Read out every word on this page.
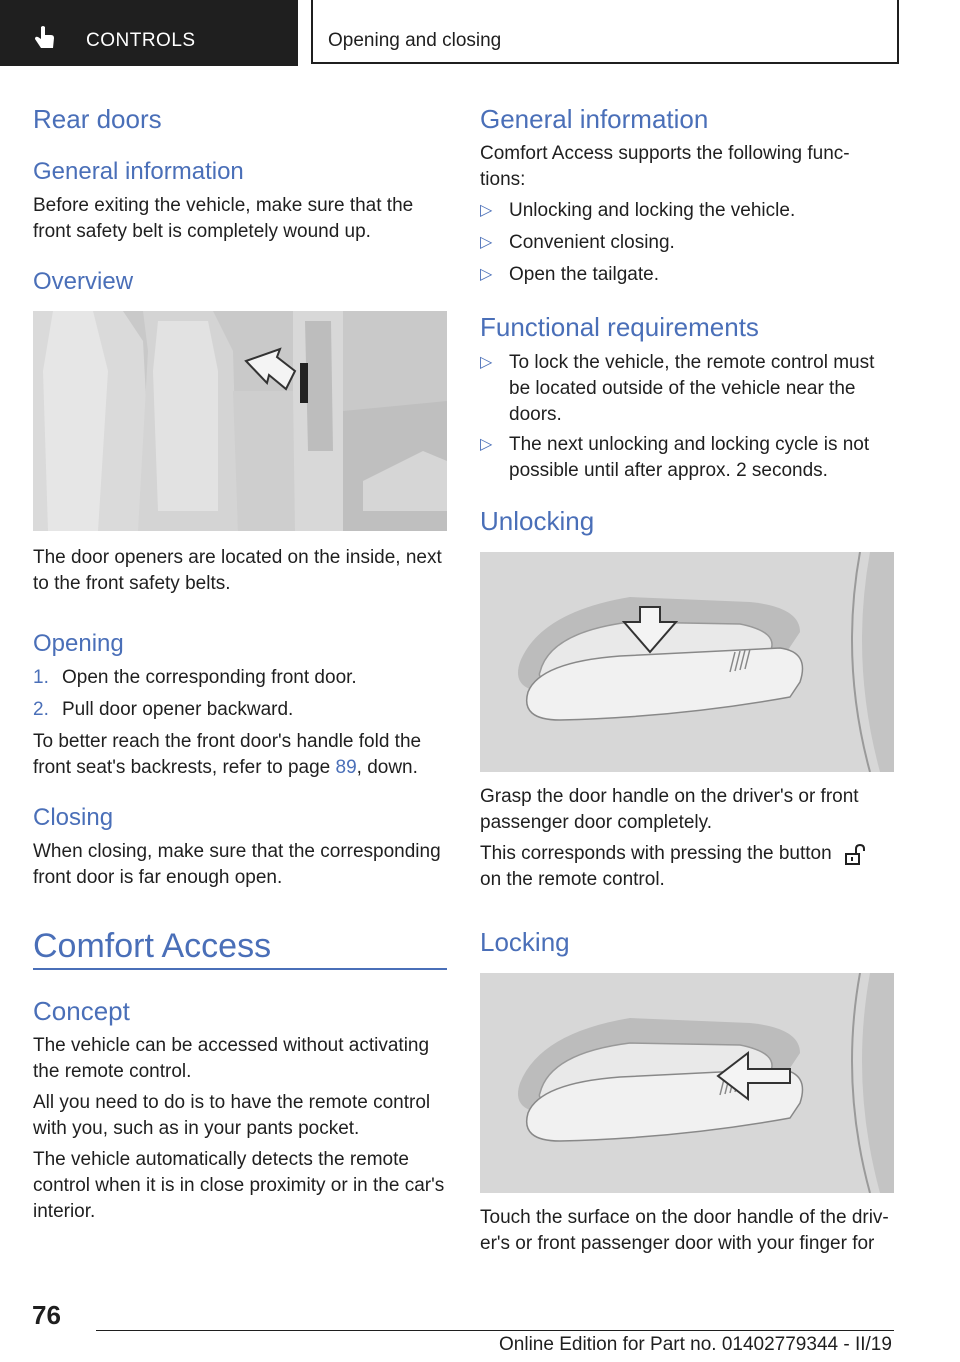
CONTROLS	Opening and closing
Rear doors
General information

Before exiting the vehicle, make sure that the

front safety belt is completely wound up.

Overview

The door openers are located on the inside, next

to the front safety belts.

Opening
1. Open the corresponding front door.
2. Pull door opener backward.

To better reach the front door's handle fold the

front seat's backrests, refer to page 89, down.

Closing

When closing, make sure that the corresponding

front door is far enough open.

Comfort Access
Concept

The vehicle can be accessed without activating

the remote control.

All you need to do is to have the remote control

with you, such as in your pants pocket.

The vehicle automatically detects the remote

control when it is in close proximity or in the car's

interior.

General information

Comfort Access supports the following func‐

tions:

▷ Unlocking and locking the vehicle.
▷ Convenient closing.
▷ Open the tailgate.
Functional requirements
▷ To lock the vehicle, the remote control must
be located outside of the vehicle near the
doors.
▷ The next unlocking and locking cycle is not
possible until after approx. 2 seconds.
Unlocking

Grasp the door handle on the driver's or front

passenger door completely.

This corresponds with pressing the button

on the remote control.

Locking

Touch the surface on the door handle of the driv‐

er's or front passenger door with your finger for

76
Online Edition for Part no. 01402779344 - II/19
